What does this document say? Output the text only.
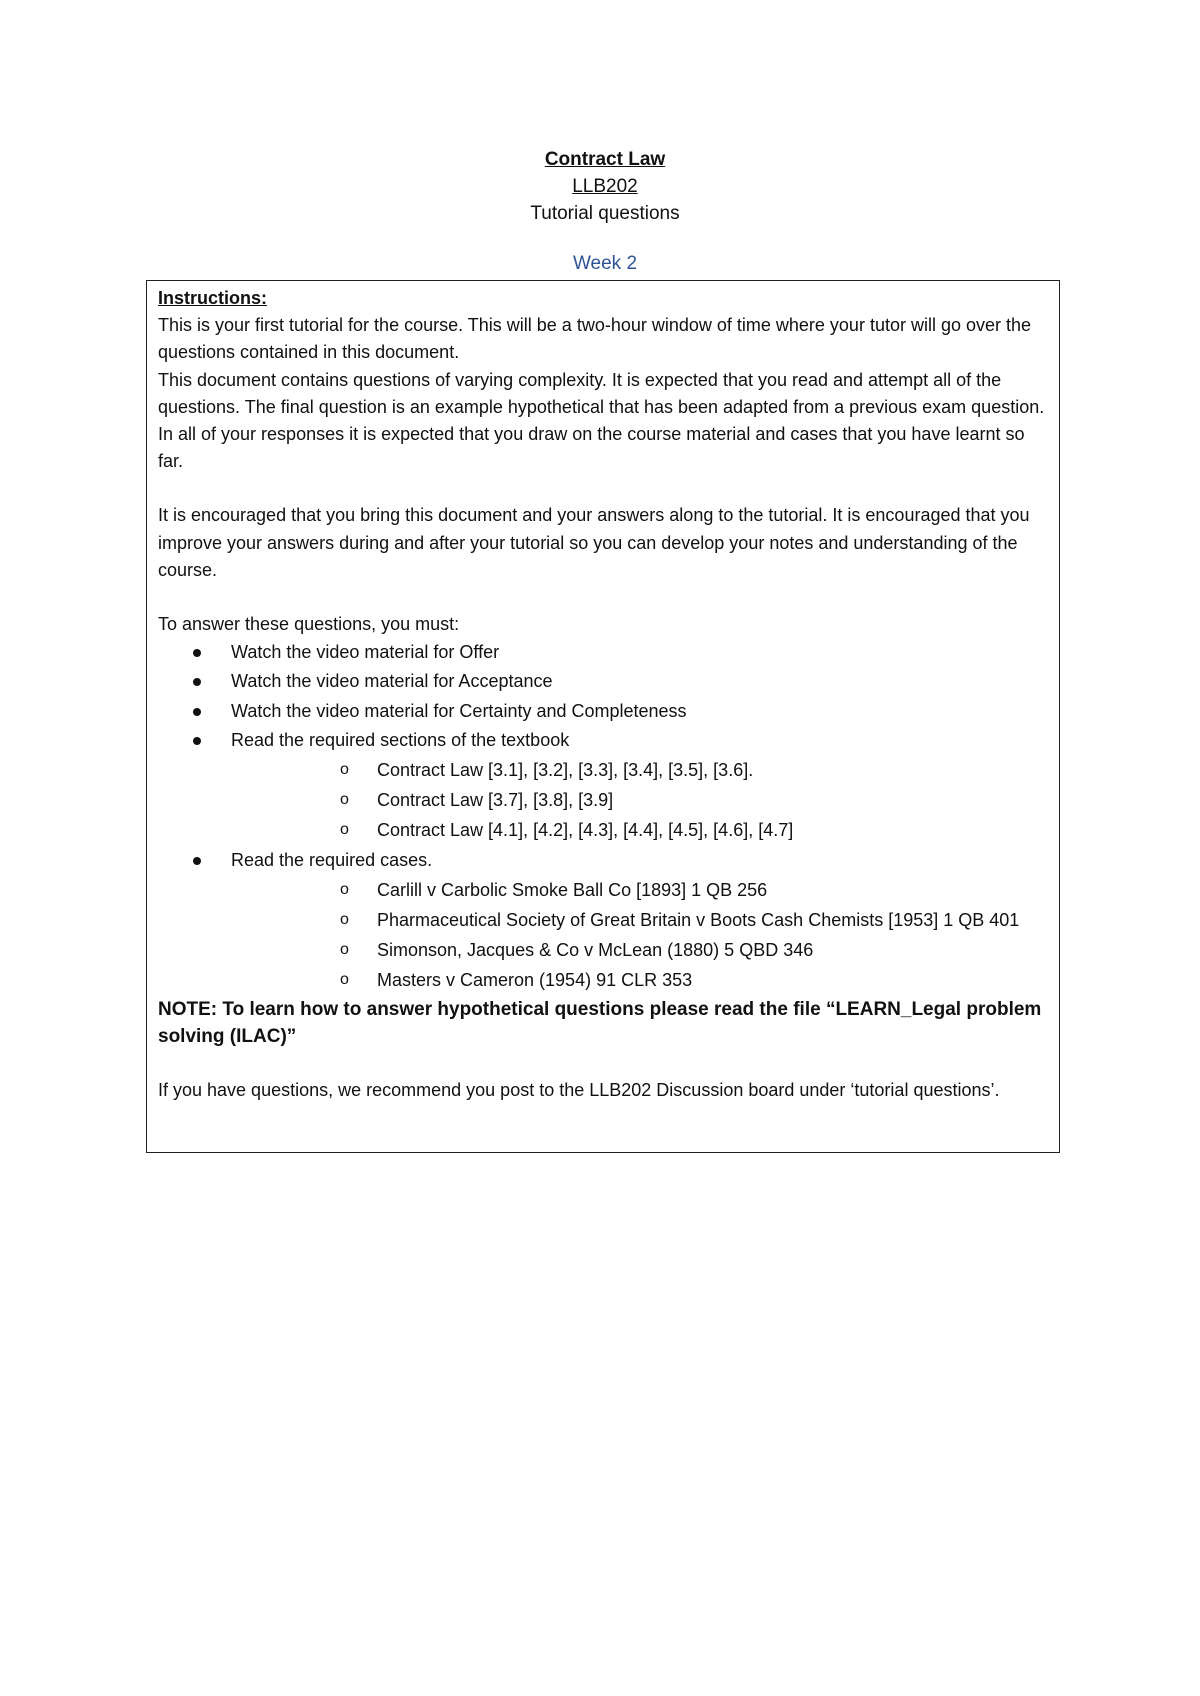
Contract Law
LLB202
Tutorial questions
Week 2

Instructions:

This is your first tutorial for the course. This will be a two-hour window of time where your tutor will go over the questions contained in this document.

This document contains questions of varying complexity. It is expected that you read and attempt all of the questions. The final question is an example hypothetical that has been adapted from a previous exam question. In all of your responses it is expected that you draw on the course material and cases that you have learnt so far.

It is encouraged that you bring this document and your answers along to the tutorial. It is encouraged that you improve your answers during and after your tutorial so you can develop your notes and understanding of the course.

To answer these questions, you must:

Watch the video material for Offer
Watch the video material for Acceptance
Watch the video material for Certainty and Completeness
Read the required sections of the textbook
o Contract Law [3.1], [3.2], [3.3], [3.4], [3.5], [3.6].
o Contract Law [3.7], [3.8], [3.9]
o Contract Law [4.1], [4.2], [4.3], [4.4], [4.5], [4.6], [4.7]
Read the required cases.
o Carlill v Carbolic Smoke Ball Co [1893] 1 QB 256
o Pharmaceutical Society of Great Britain v Boots Cash Chemists [1953] 1 QB 401
o Simonson, Jacques & Co v McLean (1880) 5 QBD 346
o Masters v Cameron (1954) 91 CLR 353

NOTE: To learn how to answer hypothetical questions please read the file “LEARN_Legal problem solving (ILAC)”

If you have questions, we recommend you post to the LLB202 Discussion board under ‘tutorial questions’.
